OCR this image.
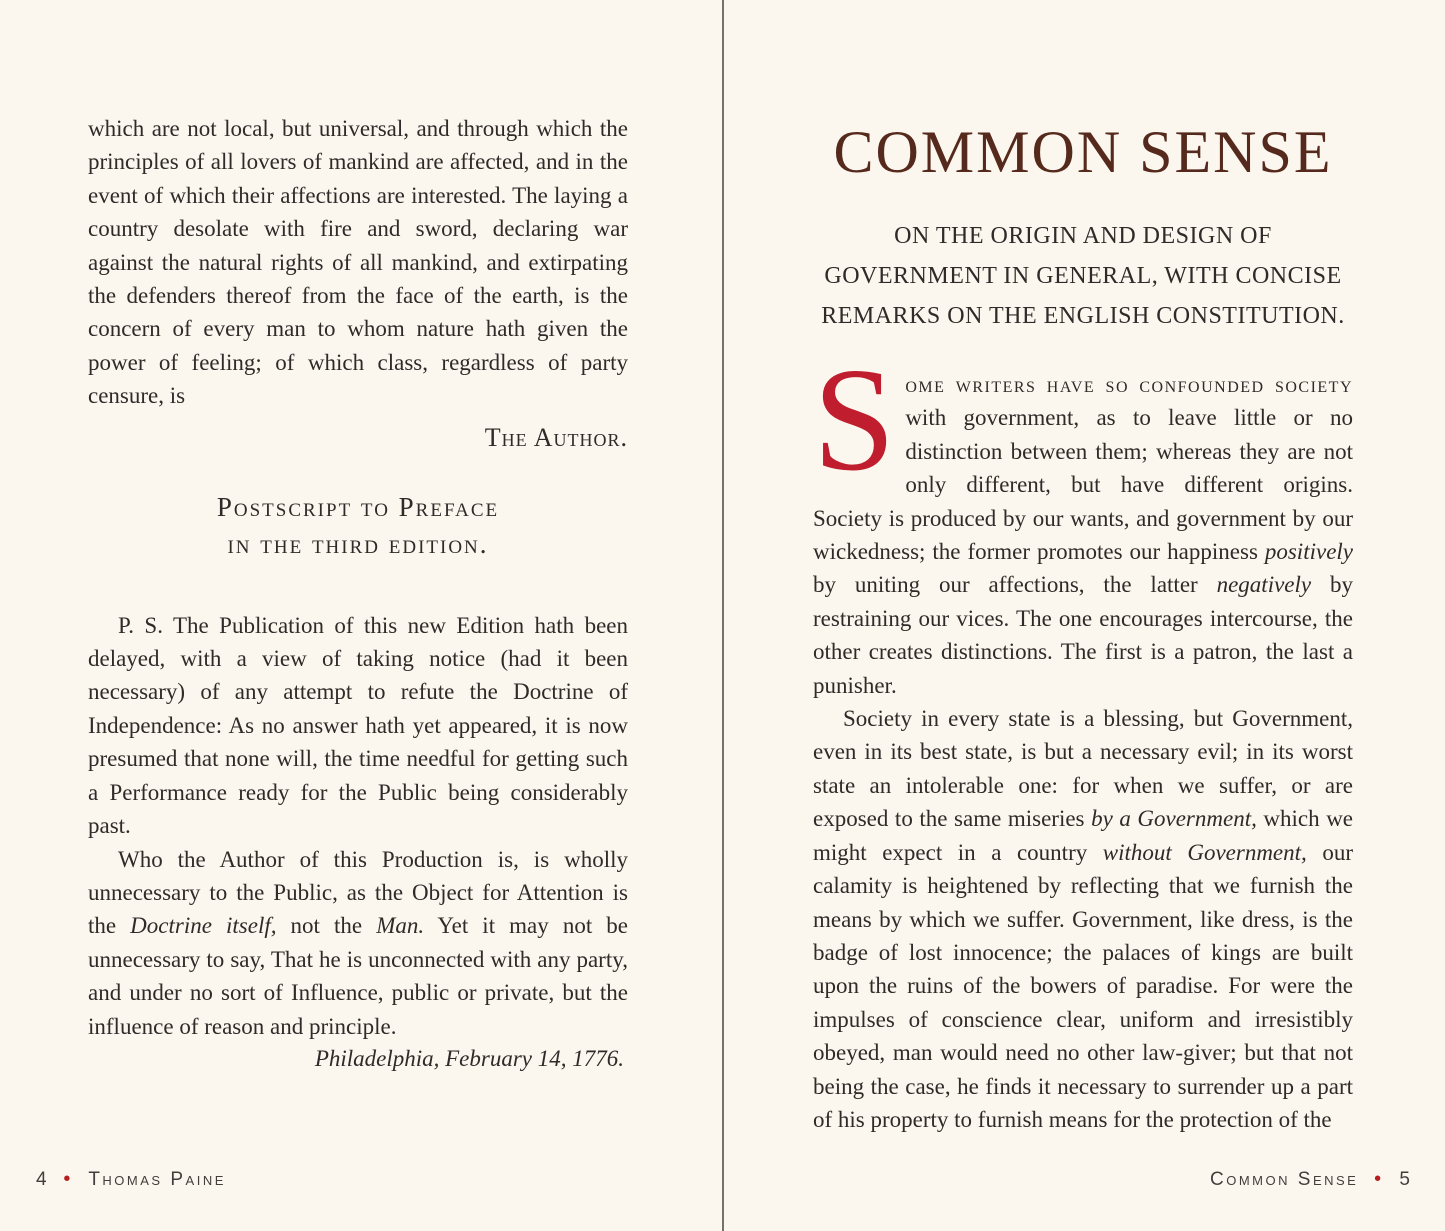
which are not local, but universal, and through which the principles of all lovers of mankind are affected, and in the event of which their affections are interested. The laying a country desolate with fire and sword, declaring war against the natural rights of all mankind, and extirpating the defenders thereof from the face of the earth, is the concern of every man to whom nature hath given the power of feeling; of which class, regardless of party censure, is

The Author.
Postscript to Preface
in the third edition.

P. S. The Publication of this new Edition hath been delayed, with a view of taking notice (had it been necessary) of any attempt to refute the Doctrine of Independence: As no answer hath yet appeared, it is now presumed that none will, the time needful for getting such a Performance ready for the Public being considerably past.

Who the Author of this Production is, is wholly unnecessary to the Public, as the Object for Attention is the Doctrine itself, not the Man. Yet it may not be unnecessary to say, That he is unconnected with any party, and under no sort of Influence, public or private, but the influence of reason and principle.

Philadelphia, February 14, 1776.
COMMON SENSE
ON THE ORIGIN AND DESIGN OF
GOVERNMENT IN GENERAL, WITH CONCISE
REMARKS ON THE ENGLISH CONSTITUTION.

S ome writers have so confounded society with government, as to leave little or no distinction between them; whereas they are not only different, but have different origins. Society is produced by our wants, and government by our wickedness; the former promotes our happiness positively by uniting our affections, the latter negatively by restraining our vices. The one encourages intercourse, the other creates distinctions. The first is a patron, the last a punisher.

Society in every state is a blessing, but Government, even in its best state, is but a necessary evil; in its worst state an intolerable one: for when we suffer, or are exposed to the same miseries by a Government, which we might expect in a country without Government, our calamity is heightened by reflecting that we furnish the means by which we suffer. Government, like dress, is the badge of lost innocence; the palaces of kings are built upon the ruins of the bowers of paradise. For were the impulses of conscience clear, uniform and irresistibly obeyed, man would need no other law-giver; but that not being the case, he finds it necessary to surrender up a part of his property to furnish means for the protection of the

4 • Thomas Paine	Common Sense • 5
